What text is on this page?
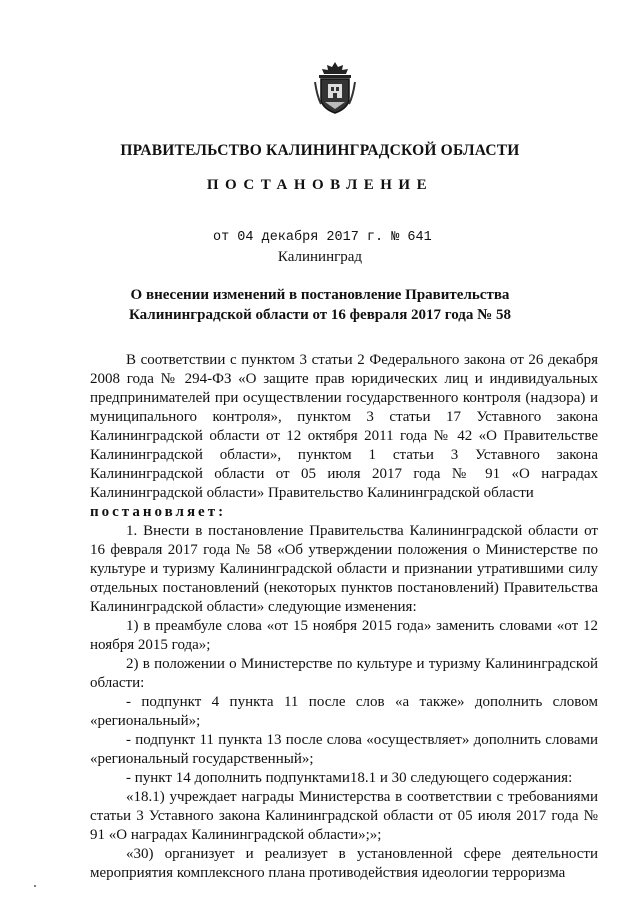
ПРАВИТЕЛЬСТВО КАЛИНИНГРАДСКОЙ ОБЛАСТИ
ПОСТАНОВЛЕНИЕ
от 04 декабря 2017 г. № 641
Калининград
О внесении изменений в постановление Правительства
Калининградской области от 16 февраля 2017 года № 58

В соответствии с пунктом 3 статьи 2 Федерального закона от 26 декабря 2008 года № 294-ФЗ «О защите прав юридических лиц и индивидуальных предпринимателей при осуществлении государственного контроля (надзора) и муниципального контроля», пунктом 3 статьи 17 Уставного закона Калининградской области от 12 октября 2011 года № 42 «О Правительстве Калининградской области», пунктом 1 статьи 3 Уставного закона Калининградской области от 05 июля 2017 года № 91 «О наградах Калининградской области» Правительство Калининградской области

постановляет:

1. Внести в постановление Правительства Калининградской области от 16 февраля 2017 года № 58 «Об утверждении положения о Министерстве по культуре и туризму Калининградской области и признании утратившими силу отдельных постановлений (некоторых пунктов постановлений) Правительства Калининградской области» следующие изменения:

1) в преамбуле слова «от 15 ноября 2015 года» заменить словами «от 12 ноября 2015 года»;

2) в положении о Министерстве по культуре и туризму Калининградской области:

- подпункт 4 пункта 11 после слов «а также» дополнить словом «региональный»;

- подпункт 11 пункта 13 после слова «осуществляет» дополнить словами «региональный государственный»;

- пункт 14 дополнить подпунктами18.1 и 30 следующего содержания:

«18.1) учреждает награды Министерства в соответствии с требованиями статьи 3 Уставного закона Калининградской области от 05 июля 2017 года № 91 «О наградах Калининградской области»;»;

«30) организует и реализует в установленной сфере деятельности мероприятия комплексного плана противодействия идеологии терроризма
